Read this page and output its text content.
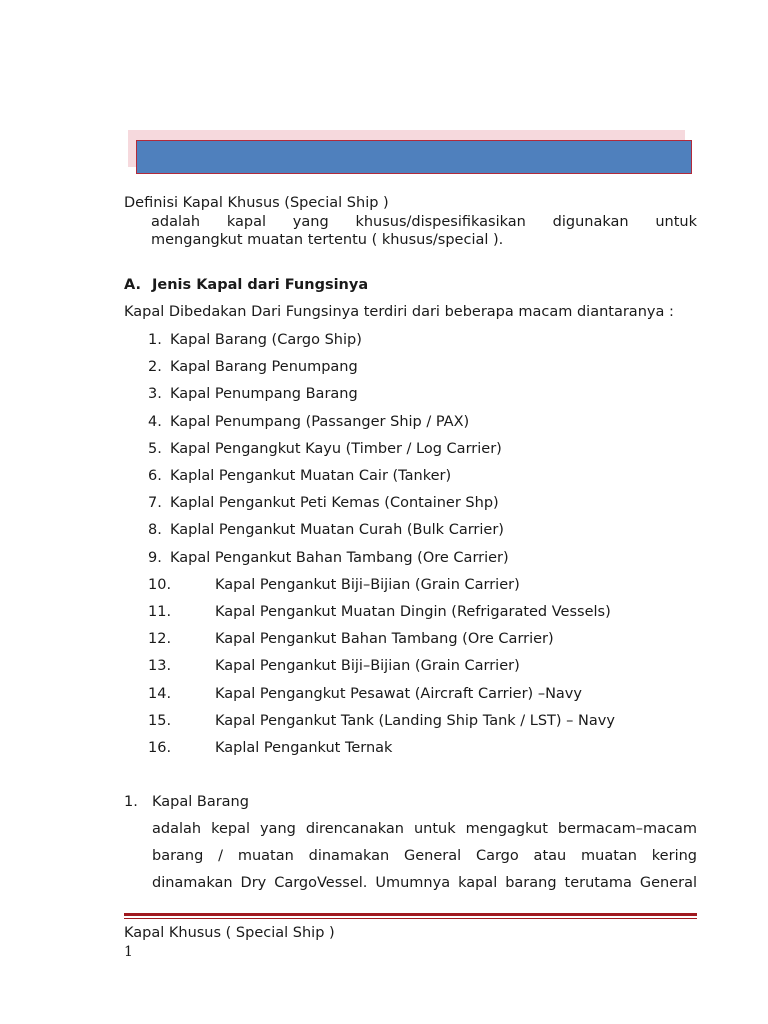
Definisi Kapal Khusus (Special Ship )
adalah kapal yang khusus/dispesifikasikan digunakan untuk
mengangkut muatan tertentu ( khusus/special ).
A. Jenis Kapal dari Fungsinya
Kapal Dibedakan Dari Fungsinya terdiri dari beberapa macam diantaranya :
1. Kapal Barang (Cargo Ship)
2. Kapal Barang Penumpang
3. Kapal Penumpang Barang
4. Kapal Penumpang (Passanger Ship / PAX)
5. Kapal Pengangkut Kayu (Timber / Log Carrier)
6. Kaplal Pengankut Muatan Cair (Tanker)
7. Kaplal Pengankut Peti Kemas (Container Shp)
8. Kaplal Pengankut Muatan Curah (Bulk Carrier)
9. Kapal Pengankut Bahan Tambang (Ore Carrier)
10.	Kapal Pengankut Biji–Bijian (Grain Carrier)
11.	Kapal Pengankut Muatan Dingin (Refrigarated Vessels)
12.	Kapal Pengankut Bahan Tambang (Ore Carrier)
13.	Kapal Pengankut Biji–Bijian (Grain Carrier)
14.	Kapal Pengangkut Pesawat (Aircraft Carrier) –Navy
15.	Kapal Pengankut Tank (Landing Ship Tank / LST) – Navy
16.	Kaplal Pengankut Ternak
1. Kapal Barang
adalah kepal yang direncanakan untuk mengagkut bermacam–macam
barang / muatan dinamakan General Cargo atau muatan kering
dinamakan Dry CargoVessel. Umumnya kapal barang terutama General
Kapal Khusus ( Special Ship )
1
